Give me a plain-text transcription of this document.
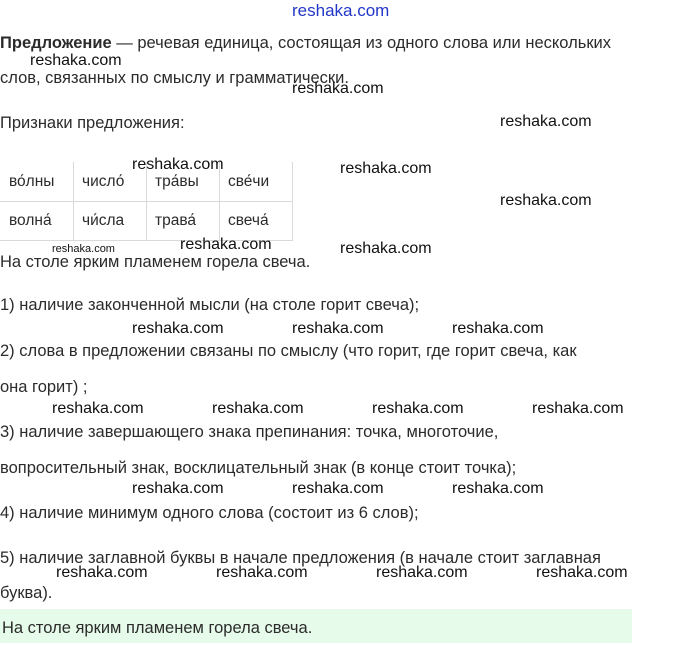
reshaka.com
Предложение — речевая единица, состоящая из одного слова или нескольких
слов, связанных по смыслу и грамматически.
Признаки предложения:
во́лны	число́	тра́вы	све́чи
волна́	чи́сла	трава́	свеча́
На столе ярким пламенем горела свеча.
1) наличие законченной мысли (на столе горит свеча);
2) слова в предложении связаны по смыслу (что горит, где горит свеча, как
она горит) ;
3) наличие завершающего знака препинания: точка, многоточие,
вопросительный знак, восклицательный знак (в конце стоит точка);
4) наличие минимум одного слова (состоит из 6 слов);
5) наличие заглавной буквы в начале предложения (в начале стоит заглавная
буква).
На столе ярким пламенем горела свеча.
reshaka.com
reshaka.com
reshaka.com
reshaka.com	reshaka.com
reshaka.com
reshaka.com	reshaka.com	reshaka.com
reshaka.com	reshaka.com	reshaka.com
reshaka.com	reshaka.com	reshaka.com	reshaka.com
reshaka.com	reshaka.com	reshaka.com
reshaka.com	reshaka.com	reshaka.com	reshaka.com
